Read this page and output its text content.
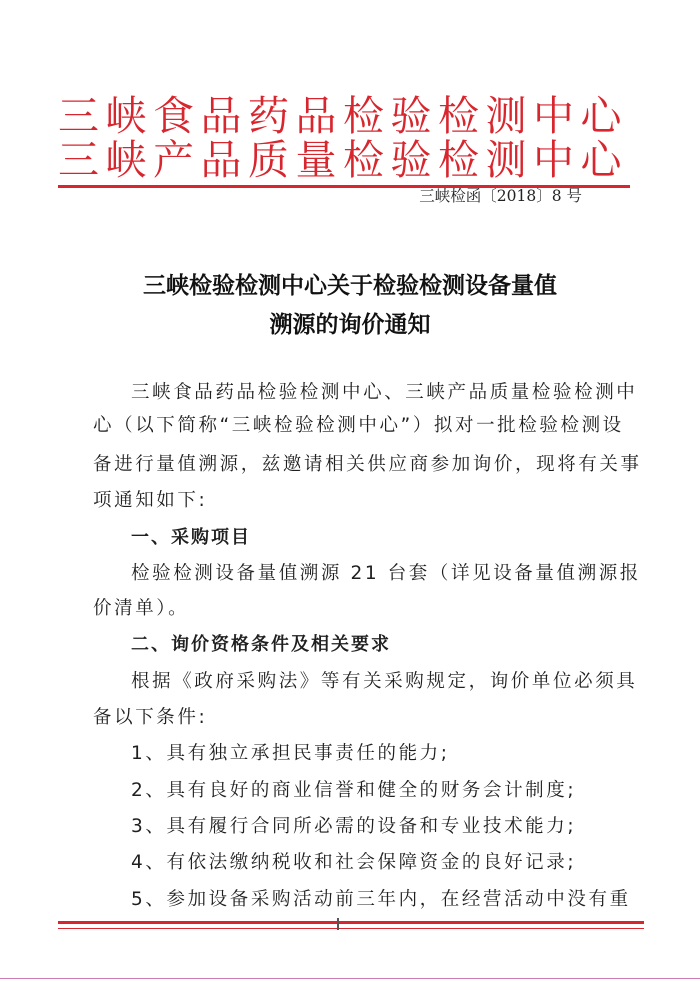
三峡食品药品检验检测中心
三峡产品质量检验检测中心
三峡检函〔2018〕8 号
三峡检验检测中心关于检验检测设备量值
溯源的询价通知
三峡食品药品检验检测中心、三峡产品质量检验检测中
心（以下简称“三峡检验检测中心”）拟对一批检验检测设
备进行量值溯源，兹邀请相关供应商参加询价，现将有关事
项通知如下:
一、采购项目
检验检测设备量值溯源 21 台套（详见设备量值溯源报
价清单）。
二、询价资格条件及相关要求
根据《政府采购法》等有关采购规定，询价单位必须具
备以下条件:
1、具有独立承担民事责任的能力;
2、具有良好的商业信誉和健全的财务会计制度;
3、具有履行合同所必需的设备和专业技术能力;
4、有依法缴纳税收和社会保障资金的良好记录;
5、参加设备采购活动前三年内，在经营活动中没有重
